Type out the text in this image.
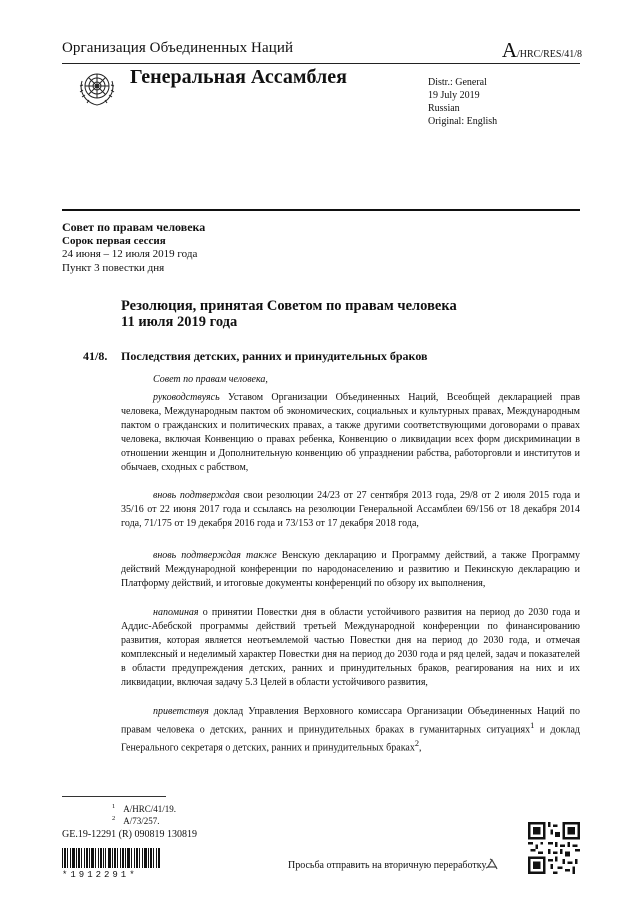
Организация Объединенных Наций	A/HRC/RES/41/8
Генеральная Ассамблея	Distr.: General
19 July 2019
Russian
Original: English
Совет по правам человека
Сорок первая сессия
24 июня – 12 июля 2019 года
Пункт 3 повестки дня
Резолюция, принятая Советом по правам человека
11 июля 2019 года
41/8. Последствия детских, ранних и принудительных браков

Совет по правам человека,

руководствуясь Уставом Организации Объединенных Наций, Всеобщей декларацией прав человека, Международным пактом об экономических, социальных и культурных правах, Международным пактом о гражданских и политических правах, а также другими соответствующими договорами о правах человека, включая Конвенцию о правах ребенка, Конвенцию о ликвидации всех форм дискриминации в отношении женщин и Дополнительную конвенцию об упразднении рабства, работорговли и институтов и обычаев, сходных с рабством,

вновь подтверждая свои резолюции 24/23 от 27 сентября 2013 года, 29/8 от 2 июля 2015 года и 35/16 от 22 июня 2017 года и ссылаясь на резолюции Генеральной Ассамблеи 69/156 от 18 декабря 2014 года, 71/175 от 19 декабря 2016 года и 73/153 от 17 декабря 2018 года,

вновь подтверждая также Венскую декларацию и Программу действий, а также Программу действий Международной конференции по народонаселению и развитию и Пекинскую декларацию и Платформу действий, и итоговые документы конференций по обзору их выполнения,

напоминая о принятии Повестки дня в области устойчивого развития на период до 2030 года и Аддис-Абебской программы действий третьей Международной конференции по финансированию развития, которая является неотъемлемой частью Повестки дня на период до 2030 года, и отмечая комплексный и неделимый характер Повестки дня на период до 2030 года и ряд целей, задач и показателей в области предупреждения детских, ранних и принудительных браков, реагирования на них и их ликвидации, включая задачу 5.3 Целей в области устойчивого развития,

приветствуя доклад Управления Верховного комиссара Организации Объединенных Наций по правам человека о детских, ранних и принудительных браках в гуманитарных ситуациях$^1$ и доклад Генерального секретаря о детских, ранних и принудительных браках$^2$,

$^1$ A/HRC/41/19.
$^2$ A/73/257.
GE.19-12291 (R) 090819 130819
*1912291*
Просьба отправить на вторичную переработку
